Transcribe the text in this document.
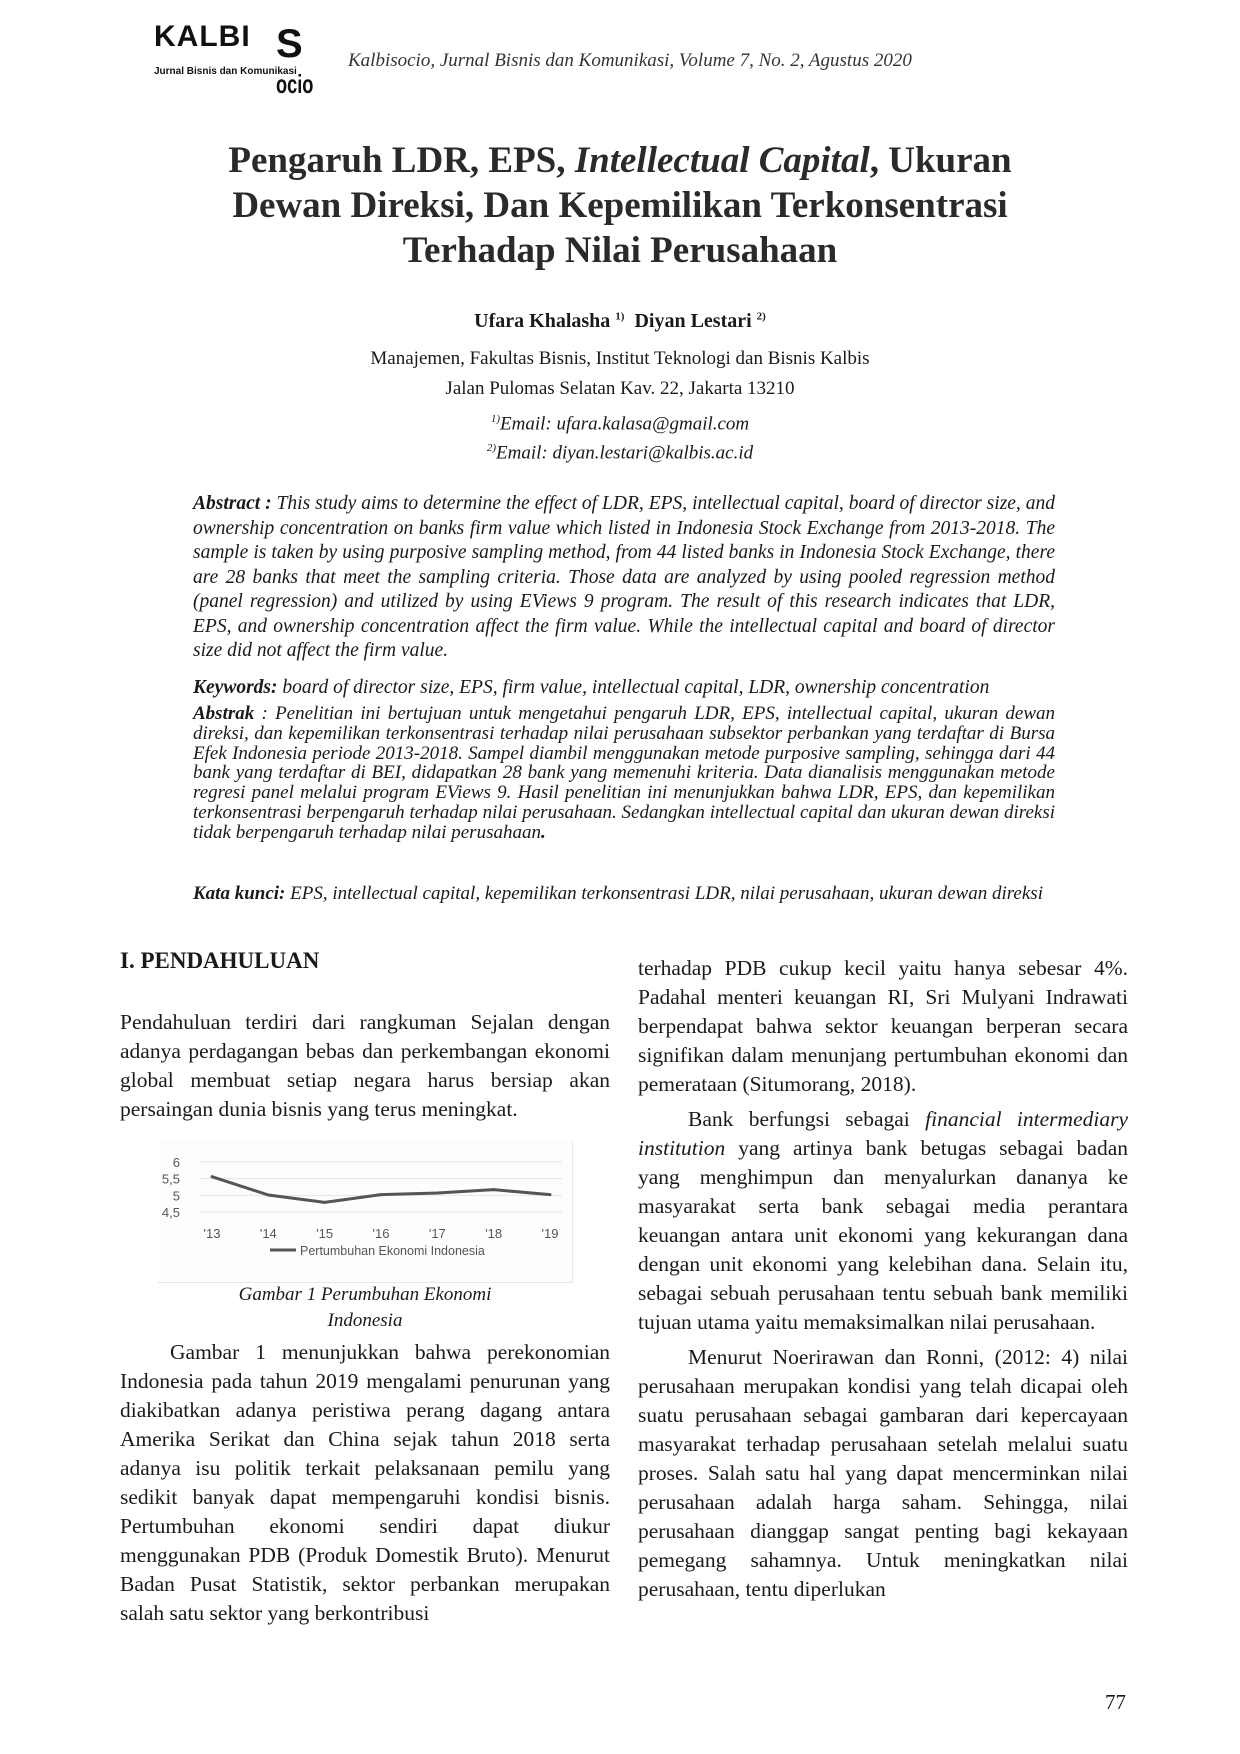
KALBI Socio
Jurnal Bisnis dan Komunikasi
Kalbisocio, Jurnal Bisnis dan Komunikasi, Volume 7, No. 2, Agustus 2020
Pengaruh LDR, EPS, Intellectual Capital, Ukuran
Dewan Direksi, Dan Kepemilikan Terkonsentrasi
Terhadap Nilai Perusahaan
Ufara Khalasha $^{1)}$ Diyan Lestari $^{2)}$
Manajemen, Fakultas Bisnis, Institut Teknologi dan Bisnis Kalbis
Jalan Pulomas Selatan Kav. 22, Jakarta 13210
$^{1)}$Email: ufara.kalasa@gmail.com
$^{2)}$Email: diyan.lestari@kalbis.ac.id
Abstract : This study aims to determine the effect of LDR, EPS, intellectual capital, board of director size, and ownership concentration on banks firm value which listed in Indonesia Stock Exchange from 2013-2018. The sample is taken by using purposive sampling method, from 44 listed banks in Indonesia Stock Exchange, there are 28 banks that meet the sampling criteria. Those data are analyzed by using pooled regression method (panel regression) and utilized by using EViews 9 program. The result of this research indicates that LDR, EPS, and ownership concentration affect the firm value. While the intellectual capital and board of director size did not affect the firm value.
Keywords: board of director size, EPS, firm value, intellectual capital, LDR, ownership concentration
Abstrak : Penelitian ini bertujuan untuk mengetahui pengaruh LDR, EPS, intellectual capital, ukuran dewan direksi, dan kepemilikan terkonsentrasi terhadap nilai perusahaan subsektor perbankan yang terdaftar di Bursa Efek Indonesia periode 2013-2018. Sampel diambil menggunakan metode purposive sampling, sehingga dari 44 bank yang terdaftar di BEI, didapatkan 28 bank yang memenuhi kriteria. Data dianalisis menggunakan metode regresi panel melalui program EViews 9. Hasil penelitian ini menunjukkan bahwa LDR, EPS, dan kepemilikan terkonsentrasi berpengaruh terhadap nilai perusahaan. Sedangkan intellectual capital dan ukuran dewan direksi tidak berpengaruh terhadap nilai perusahaan.
Kata kunci: EPS, intellectual capital, kepemilikan terkonsentrasi LDR, nilai perusahaan, ukuran dewan direksi
I. PENDAHULUAN

Pendahuluan terdiri dari rangkuman Sejalan dengan adanya perdagangan bebas dan perkembangan ekonomi global membuat setiap negara harus bersiap akan persaingan dunia bisnis yang terus meningkat.

6
5,5
5
4,5
'13	'14	'15	'16	'17	'18	'19
Pertumbuhan Ekonomi Indonesia
Gambar 1 Perumbuhan Ekonomi
Indonesia

Gambar 1 menunjukkan bahwa perekonomian Indonesia pada tahun 2019 mengalami penurunan yang diakibatkan adanya peristiwa perang dagang antara Amerika Serikat dan China sejak tahun 2018 serta adanya isu politik terkait pelaksanaan pemilu yang sedikit banyak dapat mempengaruhi kondisi bisnis. Pertumbuhan ekonomi sendiri dapat diukur menggunakan PDB (Produk Domestik Bruto). Menurut Badan Pusat Statistik, sektor perbankan merupakan salah satu sektor yang berkontribusi

terhadap PDB cukup kecil yaitu hanya sebesar 4%. Padahal menteri keuangan RI, Sri Mulyani Indrawati berpendapat bahwa sektor keuangan berperan secara signifikan dalam menunjang pertumbuhan ekonomi dan pemerataan (Situmorang, 2018).

Bank berfungsi sebagai financial intermediary institution yang artinya bank betugas sebagai badan yang menghimpun dan menyalurkan dananya ke masyarakat serta bank sebagai media perantara keuangan antara unit ekonomi yang kekurangan dana dengan unit ekonomi yang kelebihan dana. Selain itu, sebagai sebuah perusahaan tentu sebuah bank memiliki tujuan utama yaitu memaksimalkan nilai perusahaan.

Menurut Noerirawan dan Ronni, (2012: 4) nilai perusahaan merupakan kondisi yang telah dicapai oleh suatu perusahaan sebagai gambaran dari kepercayaan masyarakat terhadap perusahaan setelah melalui suatu proses. Salah satu hal yang dapat mencerminkan nilai perusahaan adalah harga saham. Sehingga, nilai perusahaan dianggap sangat penting bagi kekayaan pemegang sahamnya. Untuk meningkatkan nilai perusahaan, tentu diperlukan

77
